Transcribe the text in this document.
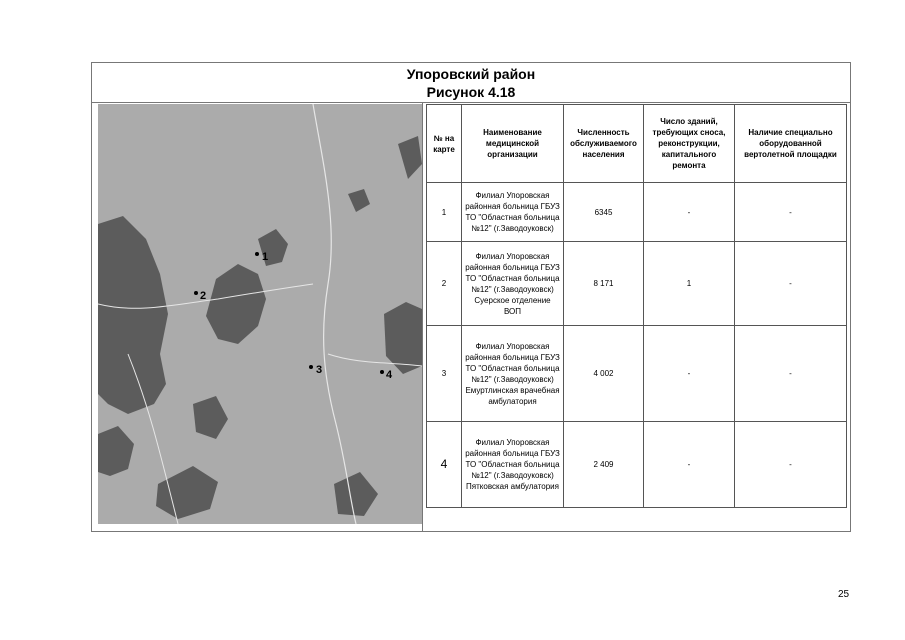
Упоровский район
Рисунок 4.18
1
2
3	4
№ на карте	Наименование медицинской организации	Численность обслуживаемого населения	Число зданий, требующих сноса, реконструкции, капитального ремонта	Наличие специально оборудованной вертолетной площадки
1	Филиал Упоровская районная больница ГБУЗ ТО "Областная больница №12" (г.Заводоуковск)	6345	-	-
2	Филиал Упоровская районная больница ГБУЗ ТО "Областная больница №12" (г.Заводоуковск) Суерское отделение ВОП	8 171	1	-
3	Филиал Упоровская районная больница ГБУЗ ТО "Областная больница №12" (г.Заводоуковск) Емуртлинская врачебная амбулатория	4 002	-	-
4	Филиал Упоровская районная больница ГБУЗ ТО "Областная больница №12" (г.Заводоуковск) Пятковская амбулатория	2 409	-	-
25
